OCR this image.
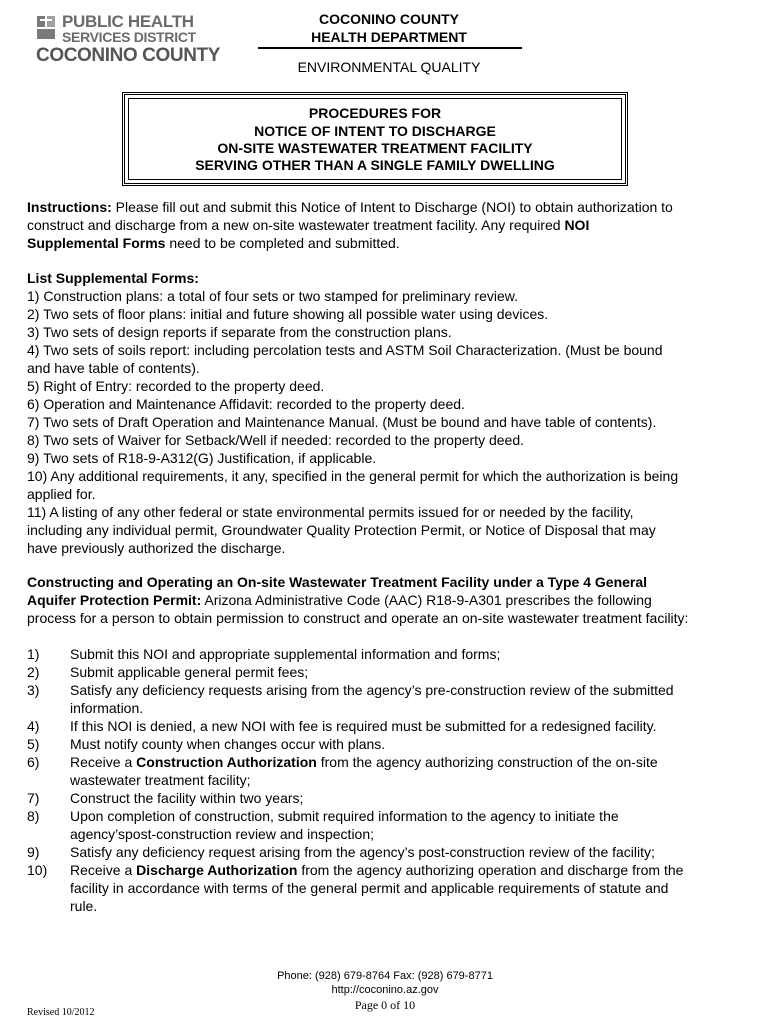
PUBLIC HEALTH
SERVICES DISTRICT
COCONINO COUNTY
COCONINO COUNTY
HEALTH DEPARTMENT
ENVIRONMENTAL QUALITY
PROCEDURES FOR
NOTICE OF INTENT TO DISCHARGE
ON-SITE WASTEWATER TREATMENT FACILITY
SERVING OTHER THAN A SINGLE FAMILY DWELLING
Instructions: Please fill out and submit this Notice of Intent to Discharge (NOI) to obtain authorization to
construct and discharge from a new on-site wastewater treatment facility. Any required NOI
Supplemental Forms need to be completed and submitted.
List Supplemental Forms:
1) Construction plans: a total of four sets or two stamped for preliminary review.
2) Two sets of floor plans: initial and future showing all possible water using devices.
3) Two sets of design reports if separate from the construction plans.
4) Two sets of soils report: including percolation tests and ASTM Soil Characterization. (Must be bound
and have table of contents).
5) Right of Entry: recorded to the property deed.
6) Operation and Maintenance Affidavit: recorded to the property deed.
7) Two sets of Draft Operation and Maintenance Manual. (Must be bound and have table of contents).
8) Two sets of Waiver for Setback/Well if needed: recorded to the property deed.
9) Two sets of R18-9-A312(G) Justification, if applicable.
10) Any additional requirements, it any, specified in the general permit for which the authorization is being
applied for.
11) A listing of any other federal or state environmental permits issued for or needed by the facility,
including any individual permit, Groundwater Quality Protection Permit, or Notice of Disposal that may
have previously authorized the discharge.
Constructing and Operating an On-site Wastewater Treatment Facility under a Type 4 General
Aquifer Protection Permit: Arizona Administrative Code (AAC) R18-9-A301 prescribes the following
process for a person to obtain permission to construct and operate an on-site wastewater treatment facility:
1) Submit this NOI and appropriate supplemental information and forms;
2) Submit applicable general permit fees;
3) Satisfy any deficiency requests arising from the agency’s pre-construction review of the submitted
information.
4) If this NOI is denied, a new NOI with fee is required must be submitted for a redesigned facility.
5) Must notify county when changes occur with plans.
6) Receive a Construction Authorization from the agency authorizing construction of the on-site
wastewater treatment facility;
7) Construct the facility within two years;
8) Upon completion of construction, submit required information to the agency to initiate the
agency’spost-construction review and inspection;
9) Satisfy any deficiency request arising from the agency’s post-construction review of the facility;
10) Receive a Discharge Authorization from the agency authorizing operation and discharge from the
facility in accordance with terms of the general permit and applicable requirements of statute and
rule.
Phone: (928) 679-8764 Fax: (928) 679-8771
http://coconino.az.gov
Page 0 of 10
Revised 10/2012
